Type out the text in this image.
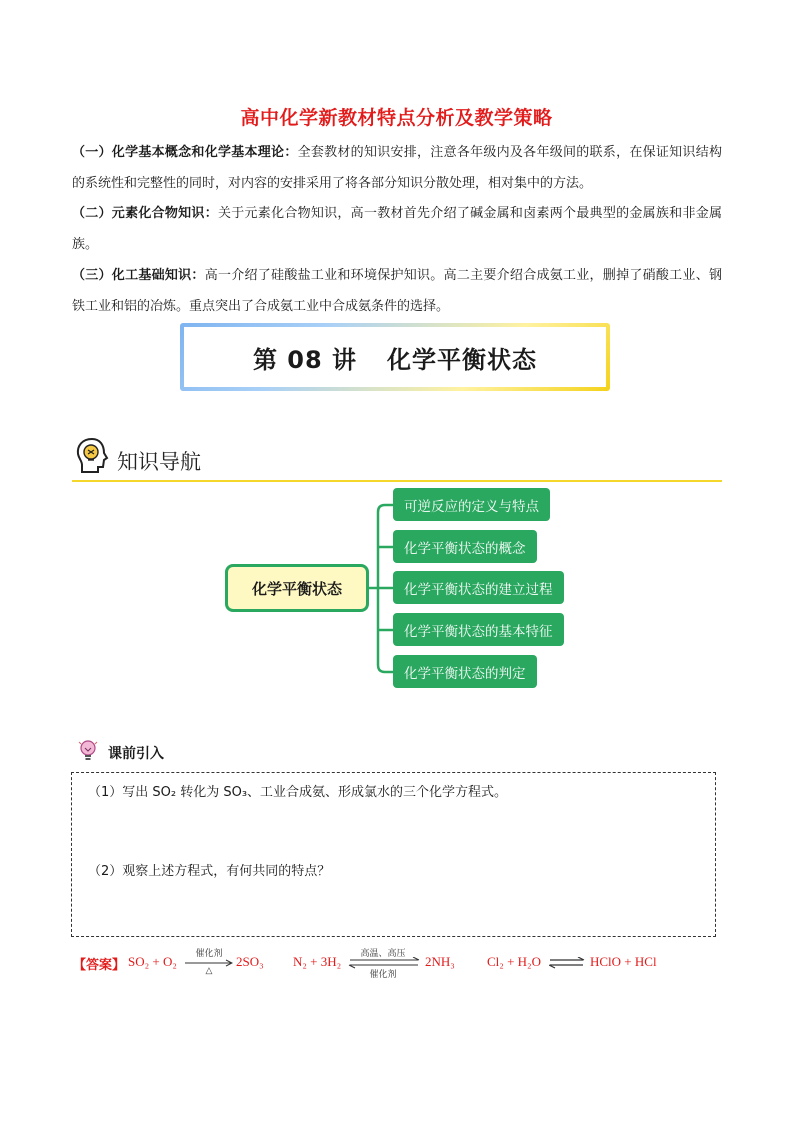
高中化学新教材特点分析及教学策略
（一）化学基本概念和化学基本理论：全套教材的知识安排，注意各年级内及各年级间的联系，在保证知识结构的系统性和完整性的同时，对内容的安排采用了将各部分知识分散处理，相对集中的方法。
（二）元素化合物知识：关于元素化合物知识，高一教材首先介绍了碱金属和卤素两个最典型的金属族和非金属族。
（三）化工基础知识：高一介绍了硅酸盐工业和环境保护知识。高二主要介绍合成氨工业，删掉了硝酸工业、钢铁工业和铝的冶炼。重点突出了合成氨工业中合成氨条件的选择。
第 08 讲 化学平衡状态
知识导航
化学平衡状态
可逆反应的定义与特点
化学平衡状态的概念
化学平衡状态的建立过程
化学平衡状态的基本特征
化学平衡状态的判定
课前引入
（1）写出 SO₂ 转化为 SO₃、工业合成氨、形成氯水的三个化学方程式。
（2）观察上述方程式，有何共同的特点？
【答案】 SO₂ + O₂
催化剂
△
2SO₃ N₂ + 3H₂
高温、高压
催化剂
2NH₃ Cl₂ + H₂O	HClO + HCl
